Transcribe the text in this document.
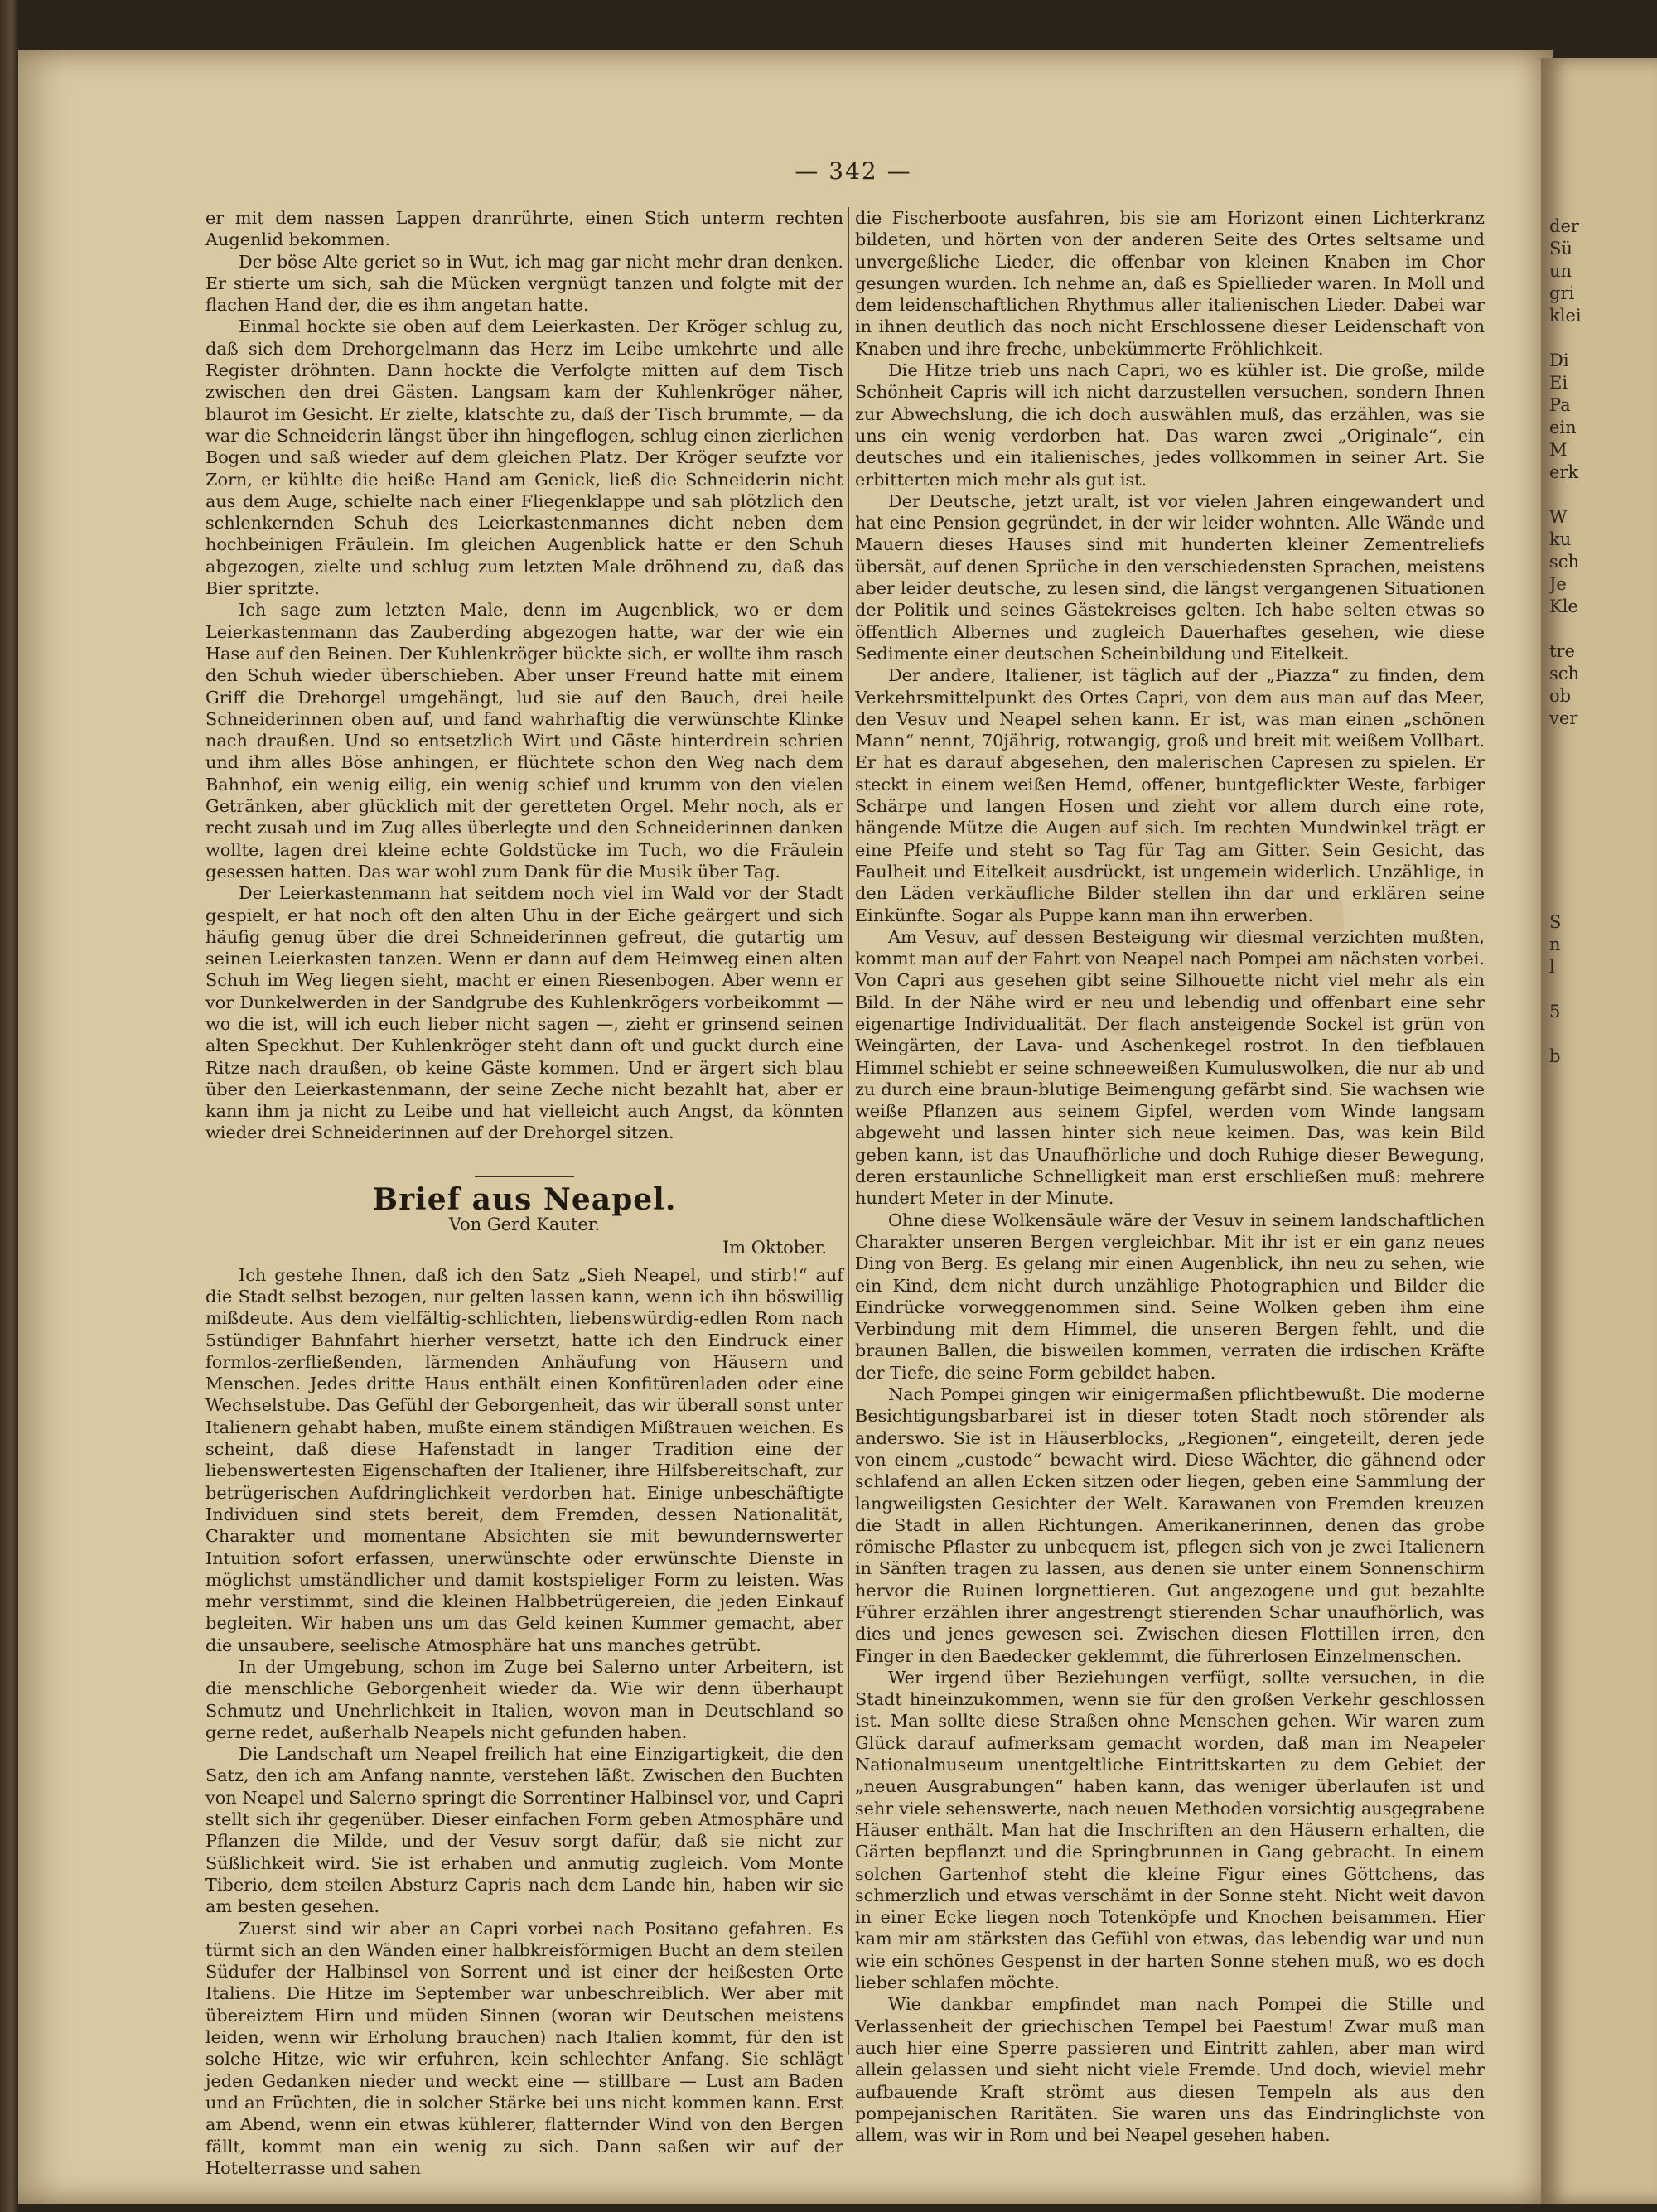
der
Sü
un
gri
klei

Di
Ei
Pa
ein
M
erk

W
ku
sch
Je
Kle

tre
sch
ob
ver
S
n
l

5

b
— 342 —

er mit dem nassen Lappen dranrührte, einen Stich unterm rechten Augenlid bekommen.

Der böse Alte geriet so in Wut, ich mag gar nicht mehr dran denken. Er stierte um sich, sah die Mücken vergnügt tanzen und folgte mit der flachen Hand der, die es ihm angetan hatte.

Einmal hockte sie oben auf dem Leierkasten. Der Kröger schlug zu, daß sich dem Drehorgelmann das Herz im Leibe umkehrte und alle Register dröhnten. Dann hockte die Verfolgte mitten auf dem Tisch zwischen den drei Gästen. Langsam kam der Kuhlenkröger näher, blaurot im Gesicht. Er zielte, klatschte zu, daß der Tisch brummte, — da war die Schneiderin längst über ihn hingeflogen, schlug einen zierlichen Bogen und saß wieder auf dem gleichen Platz. Der Kröger seufzte vor Zorn, er kühlte die heiße Hand am Genick, ließ die Schneiderin nicht aus dem Auge, schielte nach einer Fliegenklappe und sah plötzlich den schlenkernden Schuh des Leierkastenmannes dicht neben dem hochbeinigen Fräulein. Im gleichen Augenblick hatte er den Schuh abgezogen, zielte und schlug zum letzten Male dröhnend zu, daß das Bier spritzte.

Ich sage zum letzten Male, denn im Augenblick, wo er dem Leierkastenmann das Zauberding abgezogen hatte, war der wie ein Hase auf den Beinen. Der Kuhlenkröger bückte sich, er wollte ihm rasch den Schuh wieder überschieben. Aber unser Freund hatte mit einem Griff die Drehorgel umgehängt, lud sie auf den Bauch, drei heile Schneiderinnen oben auf, und fand wahrhaftig die verwünschte Klinke nach draußen. Und so entsetzlich Wirt und Gäste hinterdrein schrien und ihm alles Böse anhingen, er flüchtete schon den Weg nach dem Bahnhof, ein wenig eilig, ein wenig schief und krumm von den vielen Getränken, aber glücklich mit der geretteten Orgel. Mehr noch, als er recht zusah und im Zug alles überlegte und den Schneiderinnen danken wollte, lagen drei kleine echte Goldstücke im Tuch, wo die Fräulein gesessen hatten. Das war wohl zum Dank für die Musik über Tag.

Der Leierkastenmann hat seitdem noch viel im Wald vor der Stadt gespielt, er hat noch oft den alten Uhu in der Eiche geärgert und sich häufig genug über die drei Schneiderinnen gefreut, die gutartig um seinen Leierkasten tanzen. Wenn er dann auf dem Heimweg einen alten Schuh im Weg liegen sieht, macht er einen Riesenbogen. Aber wenn er vor Dunkelwerden in der Sandgrube des Kuhlenkrögers vorbeikommt — wo die ist, will ich euch lieber nicht sagen —, zieht er grinsend seinen alten Speckhut. Der Kuhlenkröger steht dann oft und guckt durch eine Ritze nach draußen, ob keine Gäste kommen. Und er ärgert sich blau über den Leierkastenmann, der seine Zeche nicht bezahlt hat, aber er kann ihm ja nicht zu Leibe und hat vielleicht auch Angst, da könnten wieder drei Schneiderinnen auf der Drehorgel sitzen.

Brief aus Neapel.
Von Gerd Kauter.
Im Oktober.

Ich gestehe Ihnen, daß ich den Satz „Sieh Neapel, und stirb!“ auf die Stadt selbst bezogen, nur gelten lassen kann, wenn ich ihn böswillig mißdeute. Aus dem vielfältig-schlichten, liebenswürdig-edlen Rom nach 5stündiger Bahnfahrt hierher versetzt, hatte ich den Eindruck einer formlos-zerfließenden, lärmenden Anhäufung von Häusern und Menschen. Jedes dritte Haus enthält einen Konfitürenladen oder eine Wechselstube. Das Gefühl der Geborgenheit, das wir überall sonst unter Italienern gehabt haben, mußte einem ständigen Mißtrauen weichen. Es scheint, daß diese Hafenstadt in langer Tradition eine der liebenswertesten Eigenschaften der Italiener, ihre Hilfsbereitschaft, zur betrügerischen Aufdringlichkeit verdorben hat. Einige unbeschäftigte Individuen sind stets bereit, dem Fremden, dessen Nationalität, Charakter und momentane Absichten sie mit bewundernswerter Intuition sofort erfassen, unerwünschte oder erwünschte Dienste in möglichst umständlicher und damit kostspieliger Form zu leisten. Was mehr verstimmt, sind die kleinen Halbbetrügereien, die jeden Einkauf begleiten. Wir haben uns um das Geld keinen Kummer gemacht, aber die unsaubere, seelische Atmosphäre hat uns manches getrübt.

In der Umgebung, schon im Zuge bei Salerno unter Arbeitern, ist die menschliche Geborgenheit wieder da. Wie wir denn überhaupt Schmutz und Unehrlichkeit in Italien, wovon man in Deutschland so gerne redet, außerhalb Neapels nicht gefunden haben.

Die Landschaft um Neapel freilich hat eine Einzigartigkeit, die den Satz, den ich am Anfang nannte, verstehen läßt. Zwischen den Buchten von Neapel und Salerno springt die Sorrentiner Halbinsel vor, und Capri stellt sich ihr gegenüber. Dieser einfachen Form geben Atmosphäre und Pflanzen die Milde, und der Vesuv sorgt dafür, daß sie nicht zur Süßlichkeit wird. Sie ist erhaben und anmutig zugleich. Vom Monte Tiberio, dem steilen Absturz Capris nach dem Lande hin, haben wir sie am besten gesehen.

Zuerst sind wir aber an Capri vorbei nach Positano gefahren. Es türmt sich an den Wänden einer halbkreisförmigen Bucht an dem steilen Südufer der Halbinsel von Sorrent und ist einer der heißesten Orte Italiens. Die Hitze im September war unbeschreiblich. Wer aber mit übereiztem Hirn und müden Sinnen (woran wir Deutschen meistens leiden, wenn wir Erholung brauchen) nach Italien kommt, für den ist solche Hitze, wie wir erfuhren, kein schlechter Anfang. Sie schlägt jeden Gedanken nieder und weckt eine — stillbare — Lust am Baden und an Früchten, die in solcher Stärke bei uns nicht kommen kann. Erst am Abend, wenn ein etwas kühlerer, flatternder Wind von den Bergen fällt, kommt man ein wenig zu sich. Dann saßen wir auf der Hotelterrasse und sahen

die Fischerboote ausfahren, bis sie am Horizont einen Lichterkranz bildeten, und hörten von der anderen Seite des Ortes seltsame und unvergeßliche Lieder, die offenbar von kleinen Knaben im Chor gesungen wurden. Ich nehme an, daß es Spiellieder waren. In Moll und dem leidenschaftlichen Rhythmus aller italienischen Lieder. Dabei war in ihnen deutlich das noch nicht Erschlossene dieser Leidenschaft von Knaben und ihre freche, unbekümmerte Fröhlichkeit.

Die Hitze trieb uns nach Capri, wo es kühler ist. Die große, milde Schönheit Capris will ich nicht darzustellen versuchen, sondern Ihnen zur Abwechslung, die ich doch auswählen muß, das erzählen, was sie uns ein wenig verdorben hat. Das waren zwei „Originale“, ein deutsches und ein italienisches, jedes vollkommen in seiner Art. Sie erbitterten mich mehr als gut ist.

Der Deutsche, jetzt uralt, ist vor vielen Jahren eingewandert und hat eine Pension gegründet, in der wir leider wohnten. Alle Wände und Mauern dieses Hauses sind mit hunderten kleiner Zementreliefs übersät, auf denen Sprüche in den verschiedensten Sprachen, meistens aber leider deutsche, zu lesen sind, die längst vergangenen Situationen der Politik und seines Gästekreises gelten. Ich habe selten etwas so öffentlich Albernes und zugleich Dauerhaftes gesehen, wie diese Sedimente einer deutschen Scheinbildung und Eitelkeit.

Der andere, Italiener, ist täglich auf der „Piazza“ zu finden, dem Verkehrsmittelpunkt des Ortes Capri, von dem aus man auf das Meer, den Vesuv und Neapel sehen kann. Er ist, was man einen „schönen Mann“ nennt, 70jährig, rotwangig, groß und breit mit weißem Vollbart. Er hat es darauf abgesehen, den malerischen Capresen zu spielen. Er steckt in einem weißen Hemd, offener, buntgeflickter Weste, farbiger Schärpe und langen Hosen und zieht vor allem durch eine rote, hängende Mütze die Augen auf sich. Im rechten Mundwinkel trägt er eine Pfeife und steht so Tag für Tag am Gitter. Sein Gesicht, das Faulheit und Eitelkeit ausdrückt, ist ungemein widerlich. Unzählige, in den Läden verkäufliche Bilder stellen ihn dar und erklären seine Einkünfte. Sogar als Puppe kann man ihn erwerben.

Am Vesuv, auf dessen Besteigung wir diesmal verzichten mußten, kommt man auf der Fahrt von Neapel nach Pompei am nächsten vorbei. Von Capri aus gesehen gibt seine Silhouette nicht viel mehr als ein Bild. In der Nähe wird er neu und lebendig und offenbart eine sehr eigenartige Individualität. Der flach ansteigende Sockel ist grün von Weingärten, der Lava- und Aschenkegel rostrot. In den tiefblauen Himmel schiebt er seine schneeweißen Kumuluswolken, die nur ab und zu durch eine braun-blutige Beimengung gefärbt sind. Sie wachsen wie weiße Pflanzen aus seinem Gipfel, werden vom Winde langsam abgeweht und lassen hinter sich neue keimen. Das, was kein Bild geben kann, ist das Unaufhörliche und doch Ruhige dieser Bewegung, deren erstaunliche Schnelligkeit man erst erschließen muß: mehrere hundert Meter in der Minute.

Ohne diese Wolkensäule wäre der Vesuv in seinem landschaftlichen Charakter unseren Bergen vergleichbar. Mit ihr ist er ein ganz neues Ding von Berg. Es gelang mir einen Augenblick, ihn neu zu sehen, wie ein Kind, dem nicht durch unzählige Photographien und Bilder die Eindrücke vorweggenommen sind. Seine Wolken geben ihm eine Verbindung mit dem Himmel, die unseren Bergen fehlt, und die braunen Ballen, die bisweilen kommen, verraten die irdischen Kräfte der Tiefe, die seine Form gebildet haben.

Nach Pompei gingen wir einigermaßen pflichtbewußt. Die moderne Besichtigungsbarbarei ist in dieser toten Stadt noch störender als anderswo. Sie ist in Häuserblocks, „Regionen“, eingeteilt, deren jede von einem „custode“ bewacht wird. Diese Wächter, die gähnend oder schlafend an allen Ecken sitzen oder liegen, geben eine Sammlung der langweiligsten Gesichter der Welt. Karawanen von Fremden kreuzen die Stadt in allen Richtungen. Amerikanerinnen, denen das grobe römische Pflaster zu unbequem ist, pflegen sich von je zwei Italienern in Sänften tragen zu lassen, aus denen sie unter einem Sonnenschirm hervor die Ruinen lorgnettieren. Gut angezogene und gut bezahlte Führer erzählen ihrer angestrengt stierenden Schar unaufhörlich, was dies und jenes gewesen sei. Zwischen diesen Flottillen irren, den Finger in den Baedecker geklemmt, die führerlosen Einzelmenschen.

Wer irgend über Beziehungen verfügt, sollte versuchen, in die Stadt hineinzukommen, wenn sie für den großen Verkehr geschlossen ist. Man sollte diese Straßen ohne Menschen gehen. Wir waren zum Glück darauf aufmerksam gemacht worden, daß man im Neapeler Nationalmuseum unentgeltliche Eintrittskarten zu dem Gebiet der „neuen Ausgrabungen“ haben kann, das weniger überlaufen ist und sehr viele sehenswerte, nach neuen Methoden vorsichtig ausgegrabene Häuser enthält. Man hat die Inschriften an den Häusern erhalten, die Gärten bepflanzt und die Springbrunnen in Gang gebracht. In einem solchen Gartenhof steht die kleine Figur eines Göttchens, das schmerzlich und etwas verschämt in der Sonne steht. Nicht weit davon in einer Ecke liegen noch Totenköpfe und Knochen beisammen. Hier kam mir am stärksten das Gefühl von etwas, das lebendig war und nun wie ein schönes Gespenst in der harten Sonne stehen muß, wo es doch lieber schlafen möchte.

Wie dankbar empfindet man nach Pompei die Stille und Verlassenheit der griechischen Tempel bei Paestum! Zwar muß man auch hier eine Sperre passieren und Eintritt zahlen, aber man wird allein gelassen und sieht nicht viele Fremde. Und doch, wieviel mehr aufbauende Kraft strömt aus diesen Tempeln als aus den pompejanischen Raritäten. Sie waren uns das Eindringlichste von allem, was wir in Rom und bei Neapel gesehen haben.
